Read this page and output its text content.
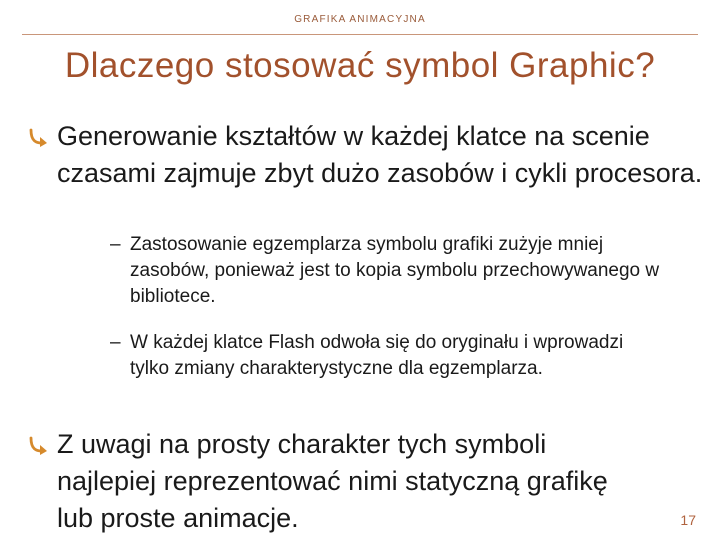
GRAFIKA ANIMACYJNA
Dlaczego stosować symbol Graphic?
Generowanie kształtów w każdej klatce na scenie czasami zajmuje zbyt dużo zasobów i cykli procesora.
– Zastosowanie egzemplarza symbolu grafiki zużyje mniej zasobów, ponieważ jest to kopia symbolu przechowywanego w bibliotece.
– W każdej klatce Flash odwoła się do oryginału i wprowadzi tylko zmiany charakterystyczne dla egzemplarza.
Z uwagi na prosty charakter tych symboli najlepiej reprezentować nimi statyczną grafikę lub proste animacje.	17
